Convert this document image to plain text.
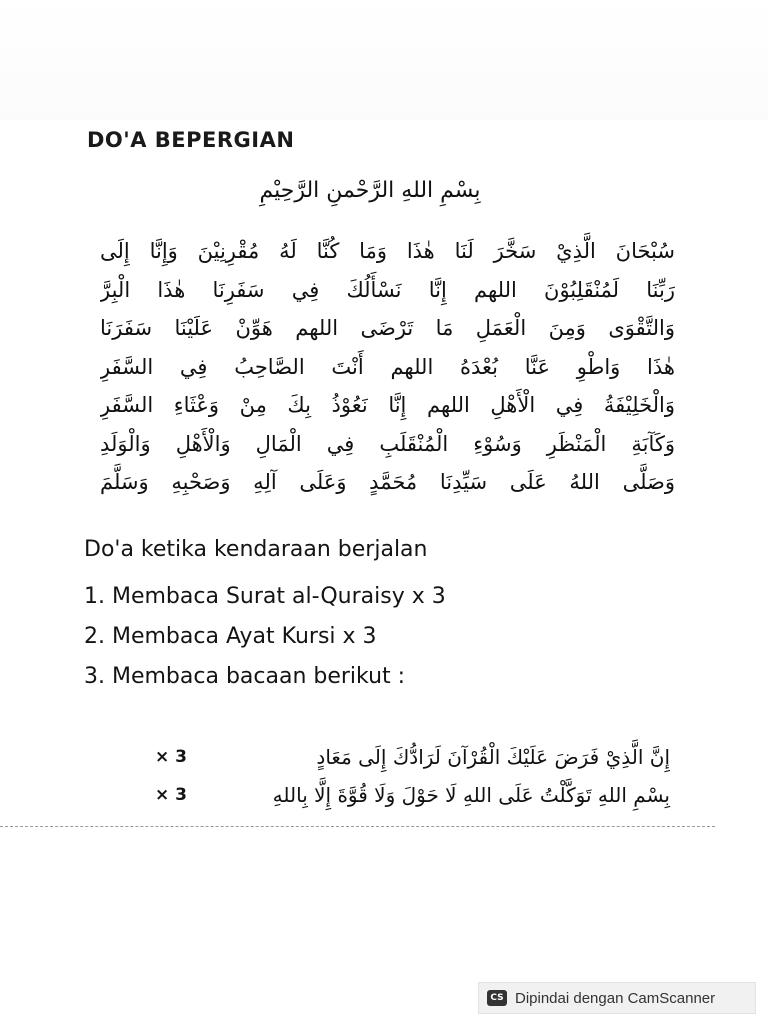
DO'A BEPERGIAN
بِسْمِ اللهِ الرَّحْمنِ الرَّحِيْمِ
سُبْحَانَ الَّذِيْ سَخَّرَ لَنَا هٰذَا وَمَا كُنَّا لَهُ مُقْرِنِيْنَ وَإِنَّا إِلَى
رَبِّنَا لَمُنْقَلِبُوْنَ اللهم إِنَّا نَسْأَلُكَ فِي سَفَرِنَا هٰذَا الْبِرَّ
وَالتَّقْوَى وَمِنَ الْعَمَلِ مَا تَرْضَى اللهم هَوِّنْ عَلَيْنَا سَفَرَنَا
هٰذَا وَاطْوِ عَنَّا بُعْدَهُ اللهم أَنْتَ الصَّاحِبُ فِي السَّفَرِ
وَالْخَلِيْفَةُ فِي الْأَهْلِ اللهم إِنَّا نَعُوْذُ بِكَ مِنْ وَعْثَاءِ السَّفَرِ
وَكَآبَةِ الْمَنْظَرِ وَسُوْءِ الْمُنْقَلَبِ فِي الْمَالِ وَالْأَهْلِ وَالْوَلَدِ
وَصَلَّى اللهُ عَلَى سَيِّدِنَا مُحَمَّدٍ وَعَلَى آلِهِ وَصَحْبِهِ وَسَلَّمَ
Do'a ketika kendaraan berjalan
1. Membaca Surat al-Quraisy x 3
2. Membaca Ayat Kursi x 3
3. Membaca bacaan berikut :
× 3	إِنَّ الَّذِيْ فَرَضَ عَلَيْكَ الْقُرْآنَ لَرَادُّكَ إِلَى مَعَادٍ
× 3	بِسْمِ اللهِ تَوَكَّلْتُ عَلَى اللهِ لَا حَوْلَ وَلَا قُوَّةَ إِلَّا بِاللهِ
CS Dipindai dengan CamScanner
